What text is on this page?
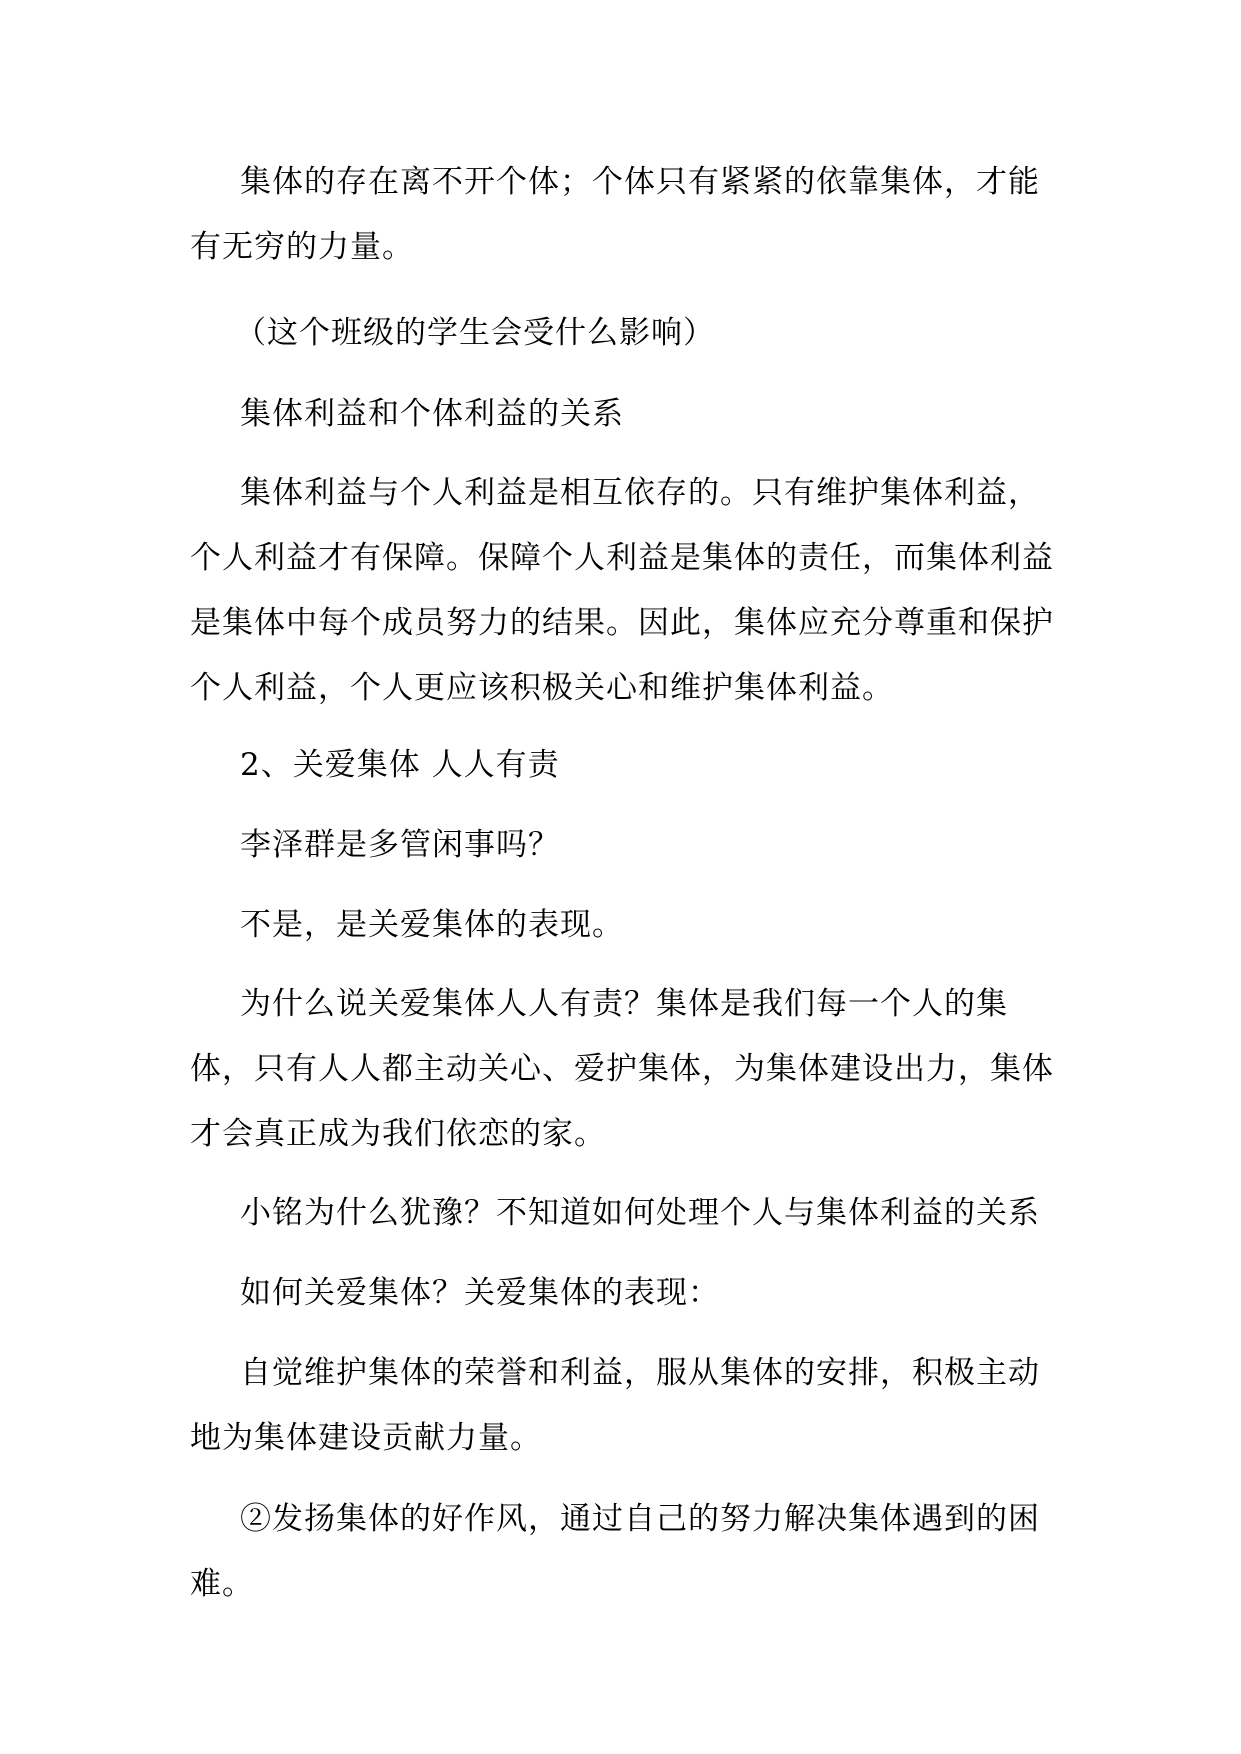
集体的存在离不开个体；个体只有紧紧的依靠集体，才能有无穷的力量。

（这个班级的学生会受什么影响）

集体利益和个体利益的关系

集体利益与个人利益是相互依存的。只有维护集体利益，个人利益才有保障。保障个人利益是集体的责任，而集体利益是集体中每个成员努力的结果。因此，集体应充分尊重和保护个人利益，个人更应该积极关心和维护集体利益。

2、关爱集体 人人有责

李泽群是多管闲事吗？

不是，是关爱集体的表现。

为什么说关爱集体人人有责？集体是我们每一个人的集体，只有人人都主动关心、爱护集体，为集体建设出力，集体才会真正成为我们依恋的家。

小铭为什么犹豫？不知道如何处理个人与集体利益的关系

如何关爱集体？关爱集体的表现：

自觉维护集体的荣誉和利益，服从集体的安排，积极主动地为集体建设贡献力量。

②发扬集体的好作风，通过自己的努力解决集体遇到的困难。
